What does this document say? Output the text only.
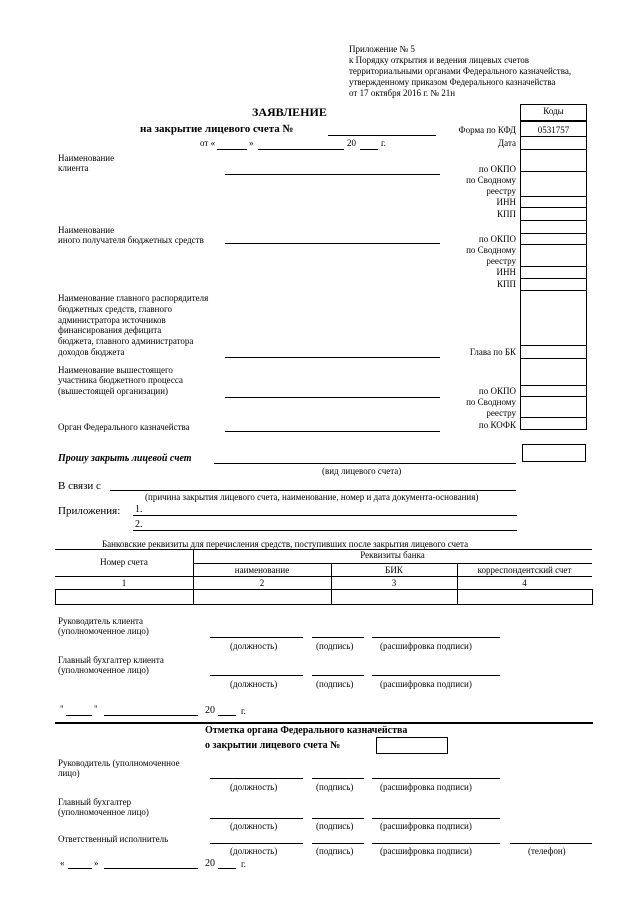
Приложение № 5
к Порядку открытия и ведения лицевых счетов
территориальными органами Федерального казначейства,
утвержденному приказом Федерального казначейства
от 17 октября 2016 г. № 21н
ЗАЯВЛЕНИЕ
на закрытие лицевого счета №
от «	»	20	г.
Коды
0531757
Форма по КФД
Дата
Наименование
клиента	по ОКПО
по Сводному
реестру
ИНН
КПП
Наименование
иного получателя бюджетных средств	по ОКПО
по Сводному
реестру
ИНН
КПП
Наименование главного распорядителя
бюджетных средств, главного
администратора источников
финансирования дефицита
бюджета, главного администратора
доходов бюджета	Глава по БК
Наименование вышестоящего
участника бюджетного процесса
(вышестоящей организации)	по ОКПО
по Сводному
реестру
Орган Федерального казначейства	по КОФК
Прошу закрыть лицевой счет
(вид лицевого счета)
В связи с
(причина закрытия лицевого счета, наименование, номер и дата документа-основания)
Приложения: 1.
2.
Банковские реквизиты для перечисления средств, поступивших после закрытия лицевого счета
Номер счета
Реквизиты банка
наименование	БИК	корреспондентский счет
1	2	3	4
Руководитель клиента
(уполномоченное лицо)
(должность)	(подпись)	(расшифровка подписи)
Главный бухгалтер клиента
(уполномоченное лицо)
(должность)	(подпись)	(расшифровка подписи)
"	"	20	г.
Отметка органа Федерального казначейства
о закрытии лицевого счета №
Руководитель (уполномоченное
лицо)
(должность)	(подпись)	(расшифровка подписи)
Главный бухгалтер
(уполномоченное лицо)
(должность)	(подпись)	(расшифровка подписи)
Ответственный исполнитель
(должность)	(подпись)	(расшифровка подписи)	(телефон)
«	»	20	г.
